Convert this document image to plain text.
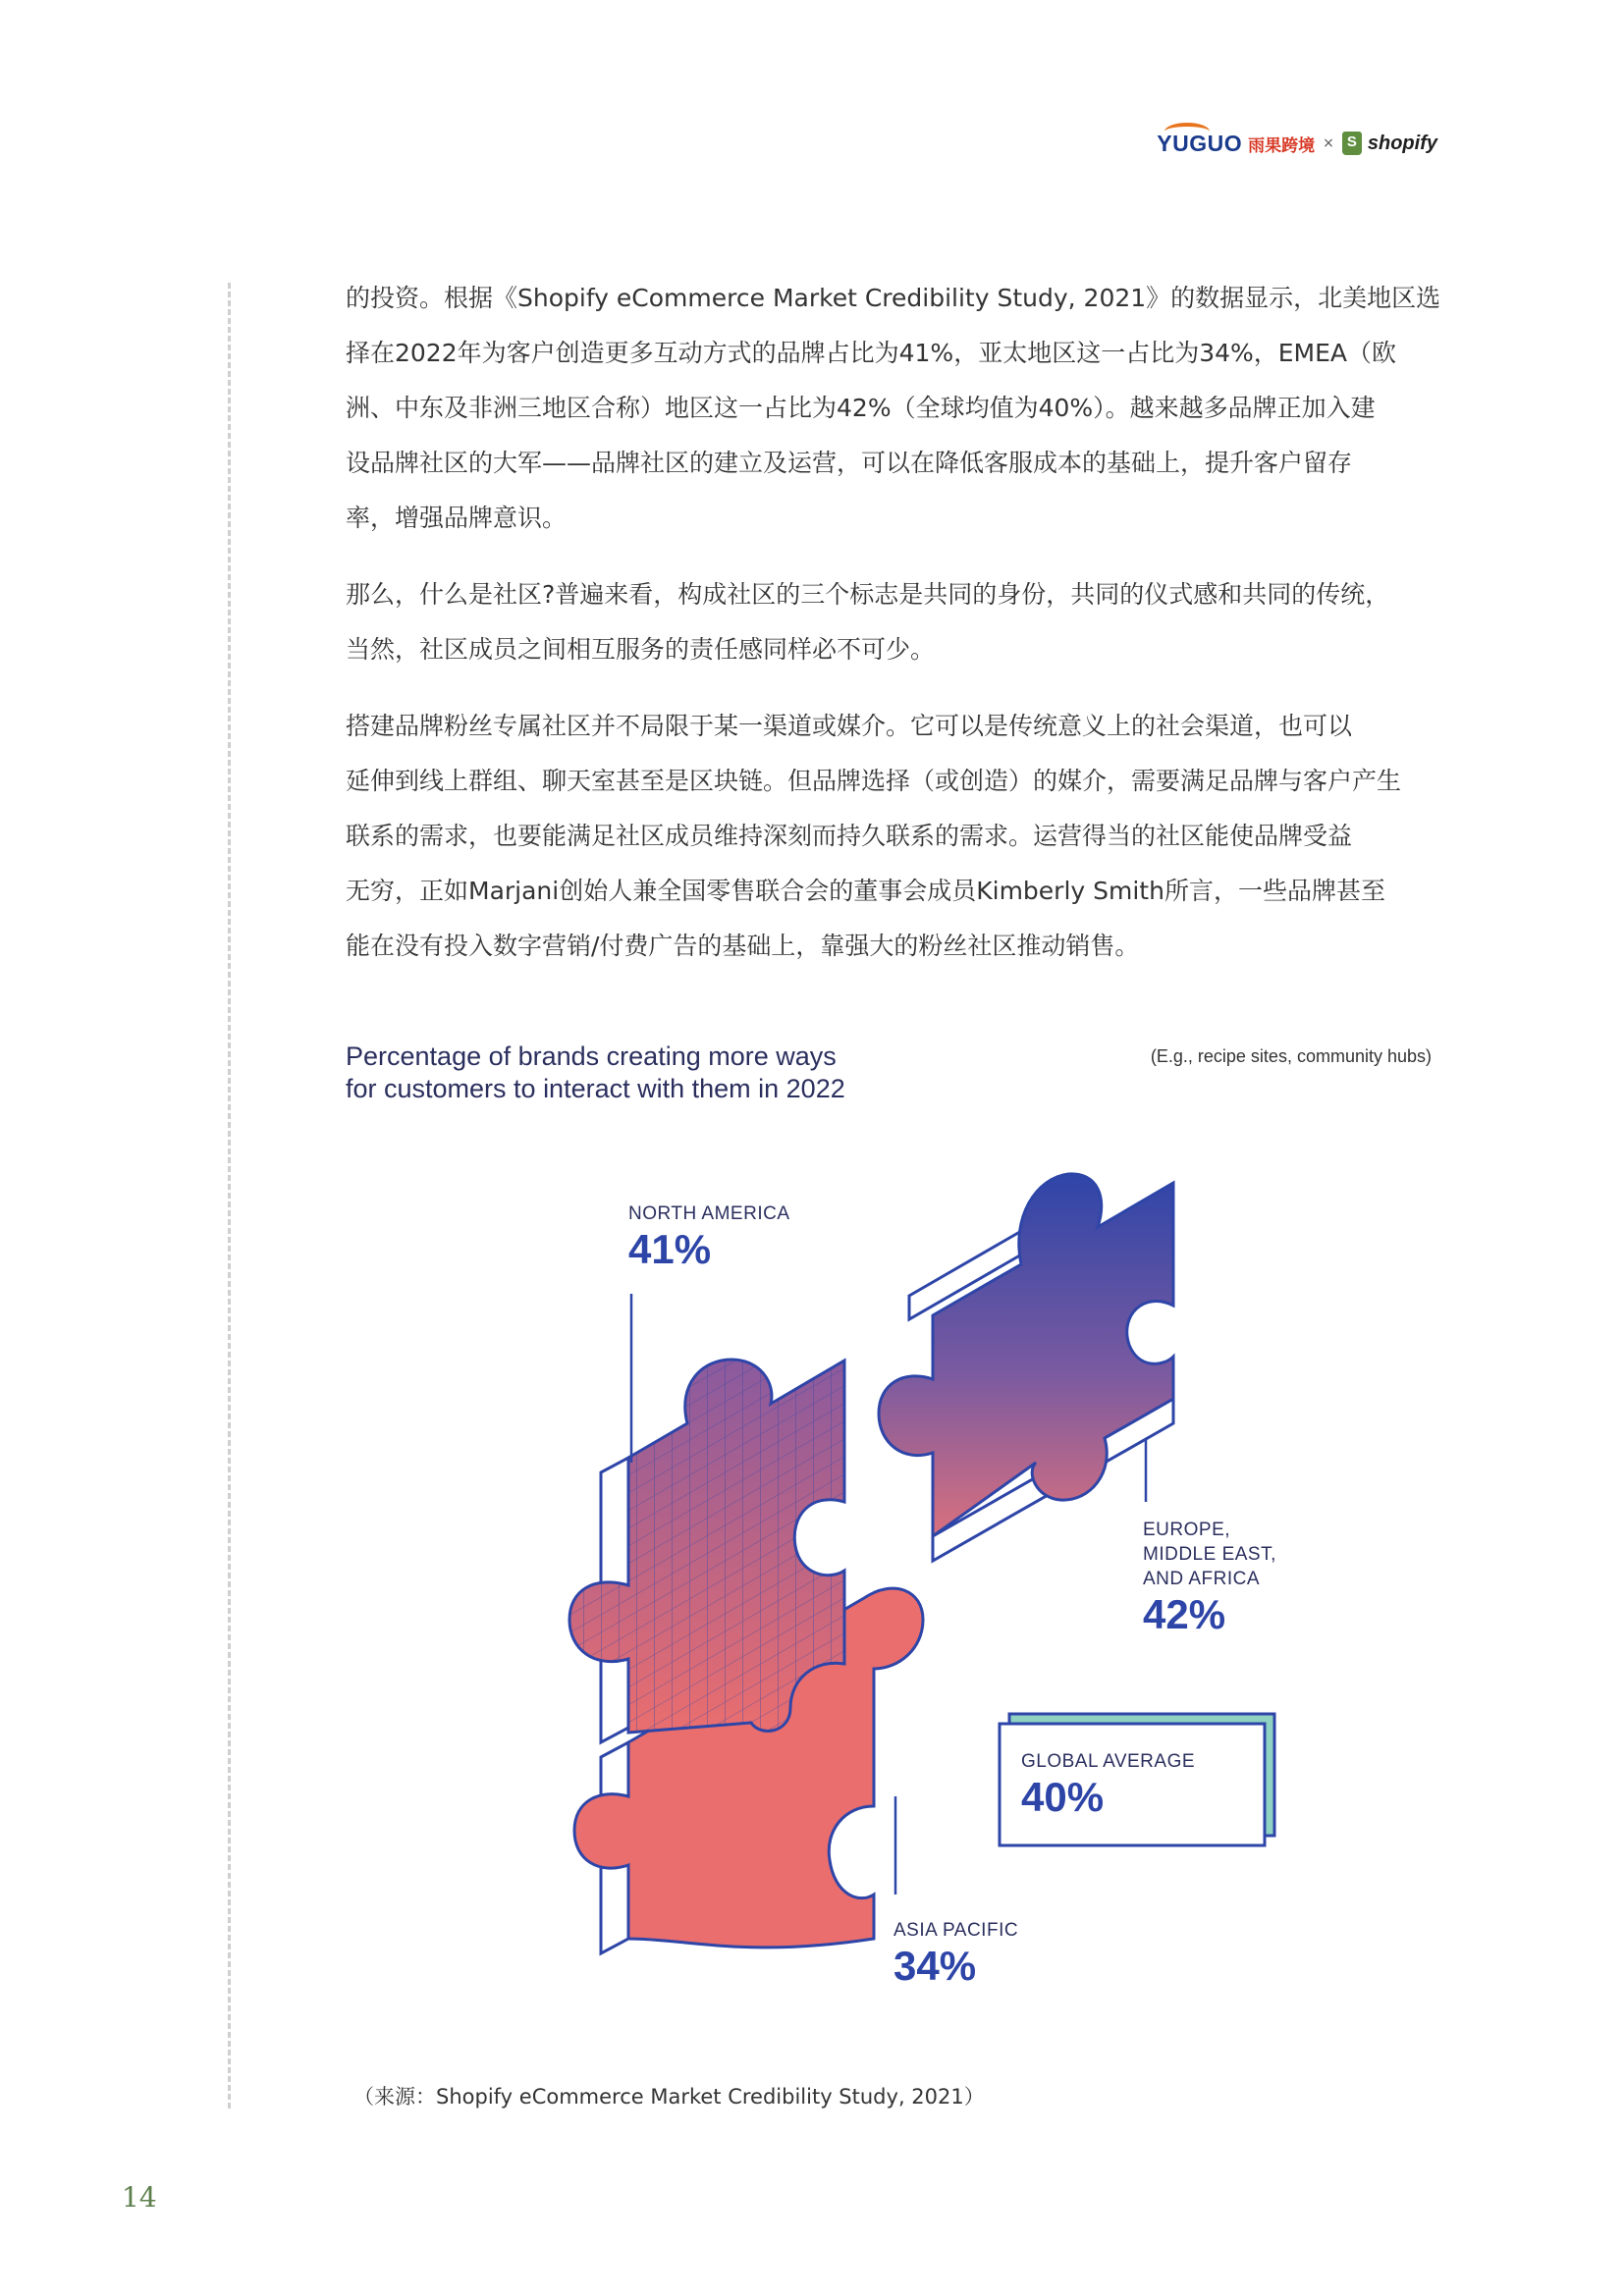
YUGUO 雨果跨境 ×
S shopify

的投资。根据《Shopify eCommerce Market Credibility Study, 2021》的数据显示，北美地区选

择在2022年为客户创造更多互动方式的品牌占比为41%，亚太地区这一占比为34%，EMEA（欧

洲、中东及非洲三地区合称）地区这一占比为42%（全球均值为40%）。越来越多品牌正加入建

设品牌社区的大军——品牌社区的建立及运营，可以在降低客服成本的基础上，提升客户留存

率，增强品牌意识。

那么，什么是社区?普遍来看，构成社区的三个标志是共同的身份，共同的仪式感和共同的传统，

当然，社区成员之间相互服务的责任感同样必不可少。

搭建品牌粉丝专属社区并不局限于某一渠道或媒介。它可以是传统意义上的社会渠道，也可以

延伸到线上群组、聊天室甚至是区块链。但品牌选择（或创造）的媒介，需要满足品牌与客户产生

联系的需求，也要能满足社区成员维持深刻而持久联系的需求。运营得当的社区能使品牌受益

无穷，正如Marjani创始人兼全国零售联合会的董事会成员Kimberly Smith所言，一些品牌甚至

能在没有投入数字营销/付费广告的基础上，靠强大的粉丝社区推动销售。

Percentage of brands creating more ways for customers to interact with them in 2022
(E.g., recipe sites, community hubs)
NORTH AMERICA
41%
EUROPE,
MIDDLE EAST,
AND AFRICA
42%
ASIA PACIFIC
34%
GLOBAL AVERAGE
40%
（来源：Shopify eCommerce Market Credibility Study, 2021）
14
